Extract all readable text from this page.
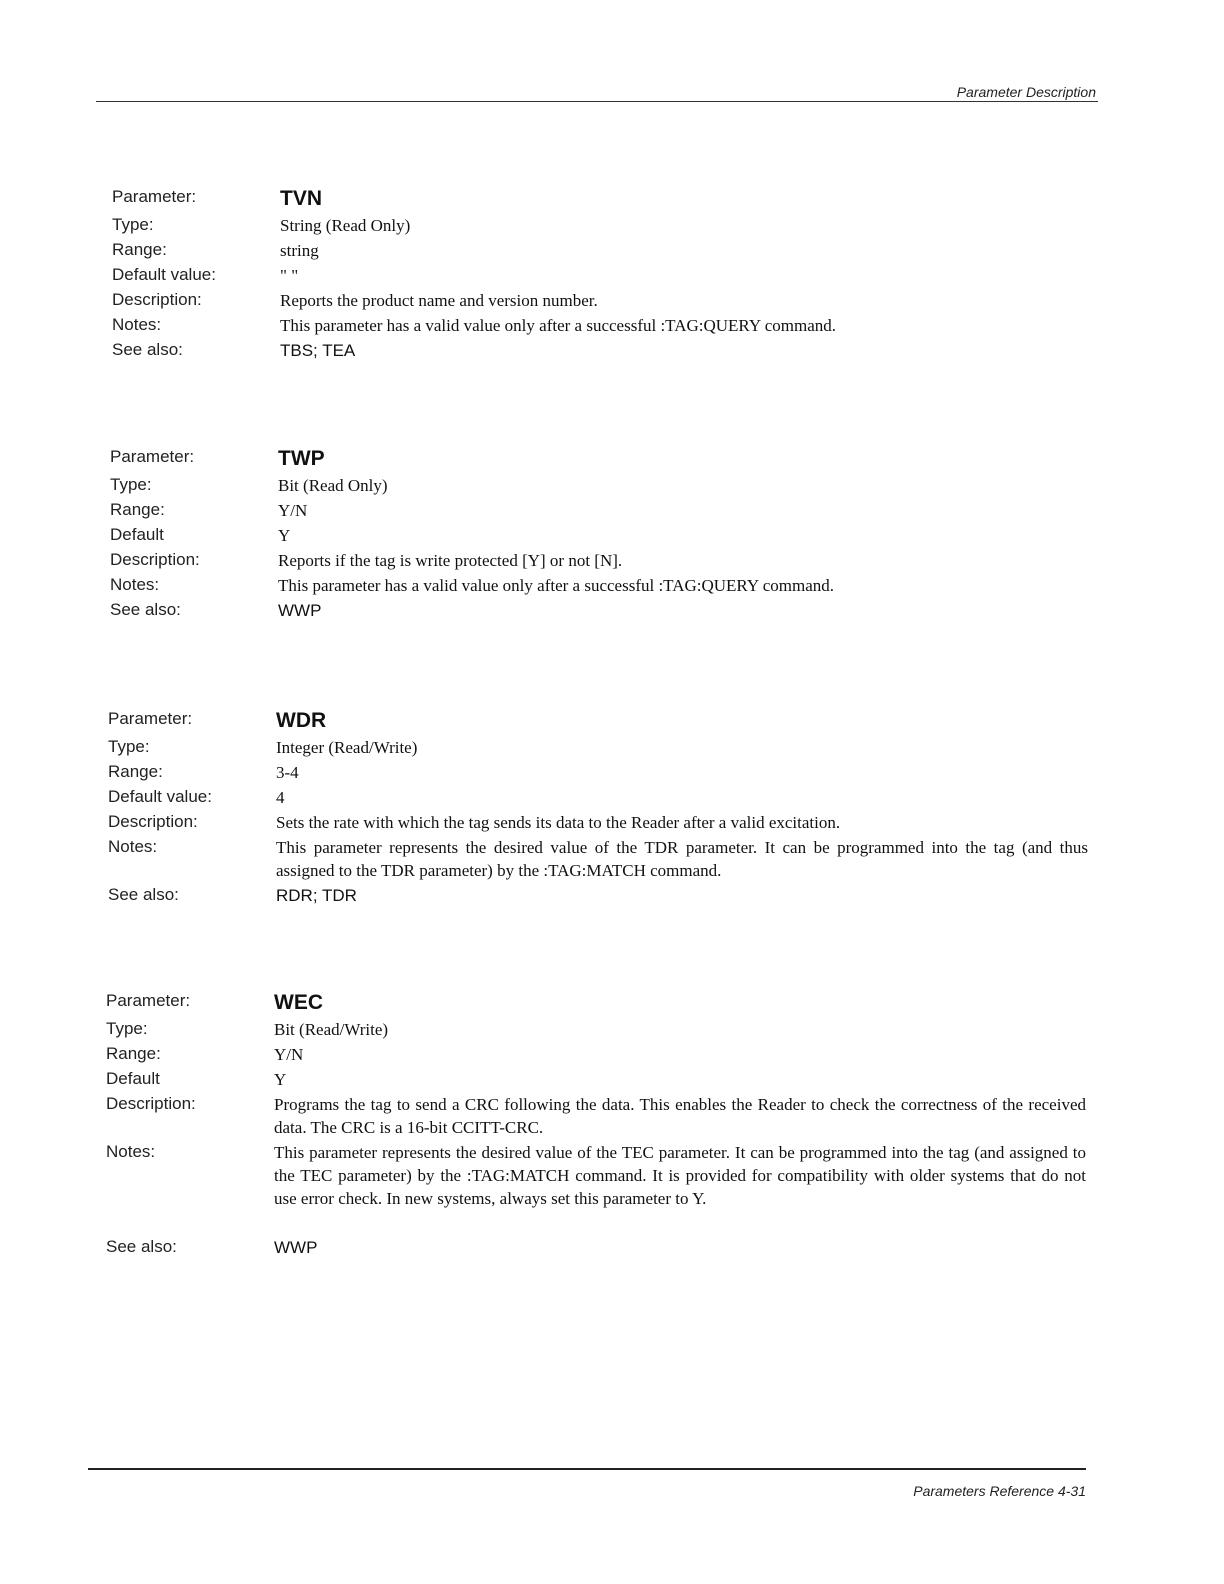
Parameter Description
Parameter:	TVN
Type:	String (Read Only)
Range:	string
Default value:	" "
Description:	Reports the product name and version number.
Notes:	This parameter has a valid value only after a successful :TAG:QUERY command.
See also:	TBS; TEA
Parameter:	TWP
Type:	Bit (Read Only)
Range:	Y/N
Default	Y
Description:	Reports if the tag is write protected [Y] or not [N].
Notes:	This parameter has a valid value only after a successful :TAG:QUERY command.
See also:	WWP
Parameter:	WDR
Type:	Integer (Read/Write)
Range:	3-4
Default value:	4
Description:	Sets the rate with which the tag sends its data to the Reader after a valid excitation.
Notes:	This parameter represents the desired value of the TDR parameter. It can be programmed into the tag (and thus assigned to the TDR parameter) by the :TAG:MATCH command.
See also:	RDR; TDR
Parameter:	WEC
Type:	Bit (Read/Write)
Range:	Y/N
Default	Y
Description:	Programs the tag to send a CRC following the data. This enables the Reader to check the correctness of the received data. The CRC is a 16-bit CCITT-CRC.
Notes:	This parameter represents the desired value of the TEC parameter. It can be programmed into the tag (and assigned to the TEC parameter) by the :TAG:MATCH command. It is provided for compatibility with older systems that do not use error check. In new systems, always set this parameter to Y.
See also:	WWP
Parameters Reference 4-31
